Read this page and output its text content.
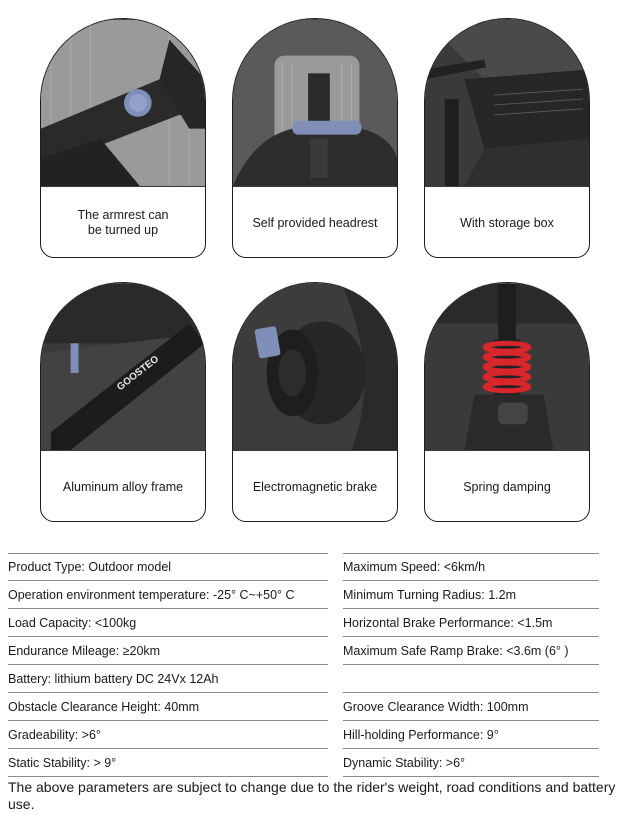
The armrest can
be turned up
Self provided headrest	With storage box
GOOSTEO
Aluminum alloy frame	Electromagnetic brake	Spring damping
Product Type: Outdoor model	Maximum Speed: <6km/h
Operation environment temperature: -25° C~+50° C	Minimum Turning Radius: 1.2m
Load Capacity: <100kg	Horizontal Brake Performance: <1.5m
Endurance Mileage: ≥20km	Maximum Safe Ramp Brake: <3.6m (6° )
Battery: lithium battery DC 24Vx 12Ah
Obstacle Clearance Height: 40mm	Groove Clearance Width: 100mm
Gradeability: >6°	Hill-holding Performance: 9°
Static Stability: > 9°	Dynamic Stability: >6°
The above parameters are subject to change due to the rider's weight, road conditions and battery use.
